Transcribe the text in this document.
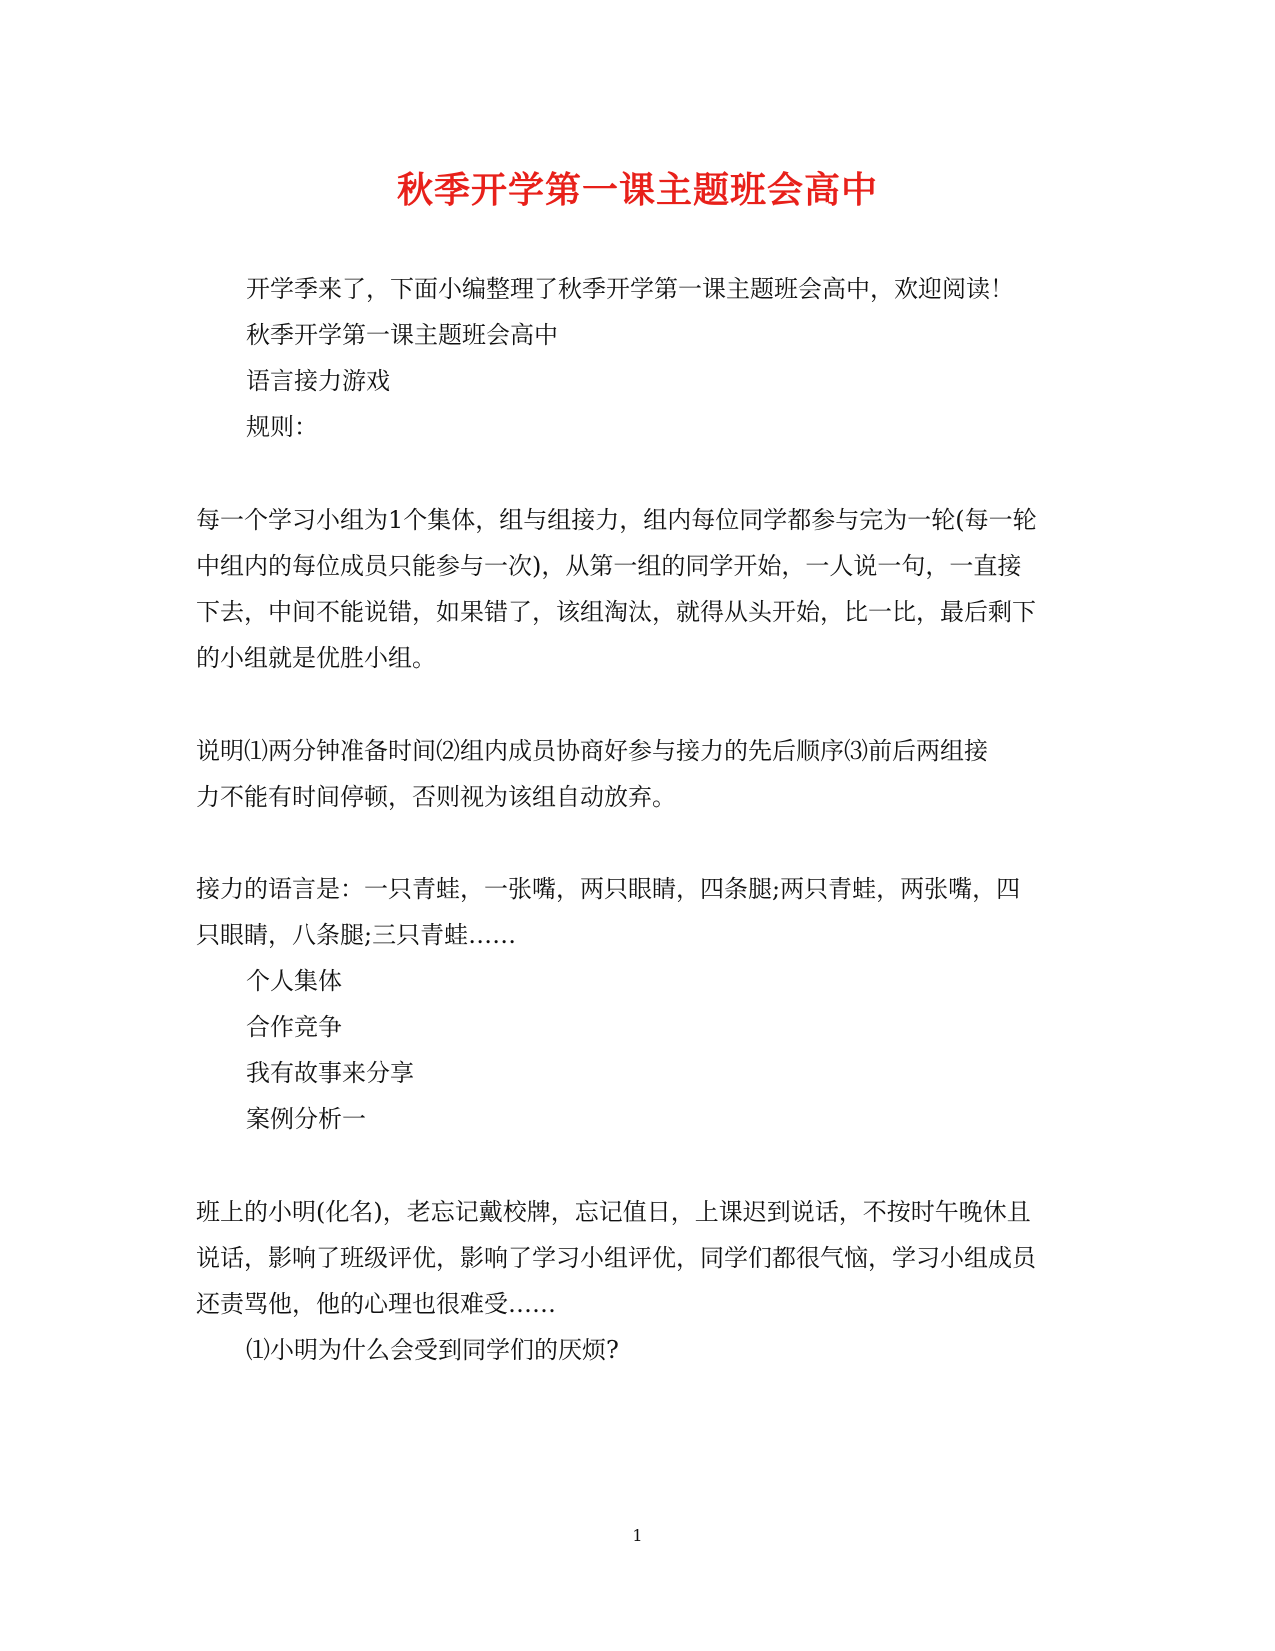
秋季开学第一课主题班会高中
开学季来了，下面小编整理了秋季开学第一课主题班会高中，欢迎阅读！
秋季开学第一课主题班会高中
语言接力游戏
规则：
每一个学习小组为1个集体，组与组接力，组内每位同学都参与完为一轮(每一轮
中组内的每位成员只能参与一次)，从第一组的同学开始，一人说一句，一直接
下去，中间不能说错，如果错了，该组淘汰，就得从头开始，比一比，最后剩下
的小组就是优胜小组。
说明⑴两分钟准备时间⑵组内成员协商好参与接力的先后顺序⑶前后两组接
力不能有时间停顿，否则视为该组自动放弃。
接力的语言是：一只青蛙，一张嘴，两只眼睛，四条腿;两只青蛙，两张嘴，四
只眼睛，八条腿;三只青蛙……
个人集体
合作竞争
我有故事来分享
案例分析一
班上的小明(化名)，老忘记戴校牌，忘记值日，上课迟到说话，不按时午晚休且
说话，影响了班级评优，影响了学习小组评优，同学们都很气恼，学习小组成员
还责骂他，他的心理也很难受……
⑴小明为什么会受到同学们的厌烦?
1
